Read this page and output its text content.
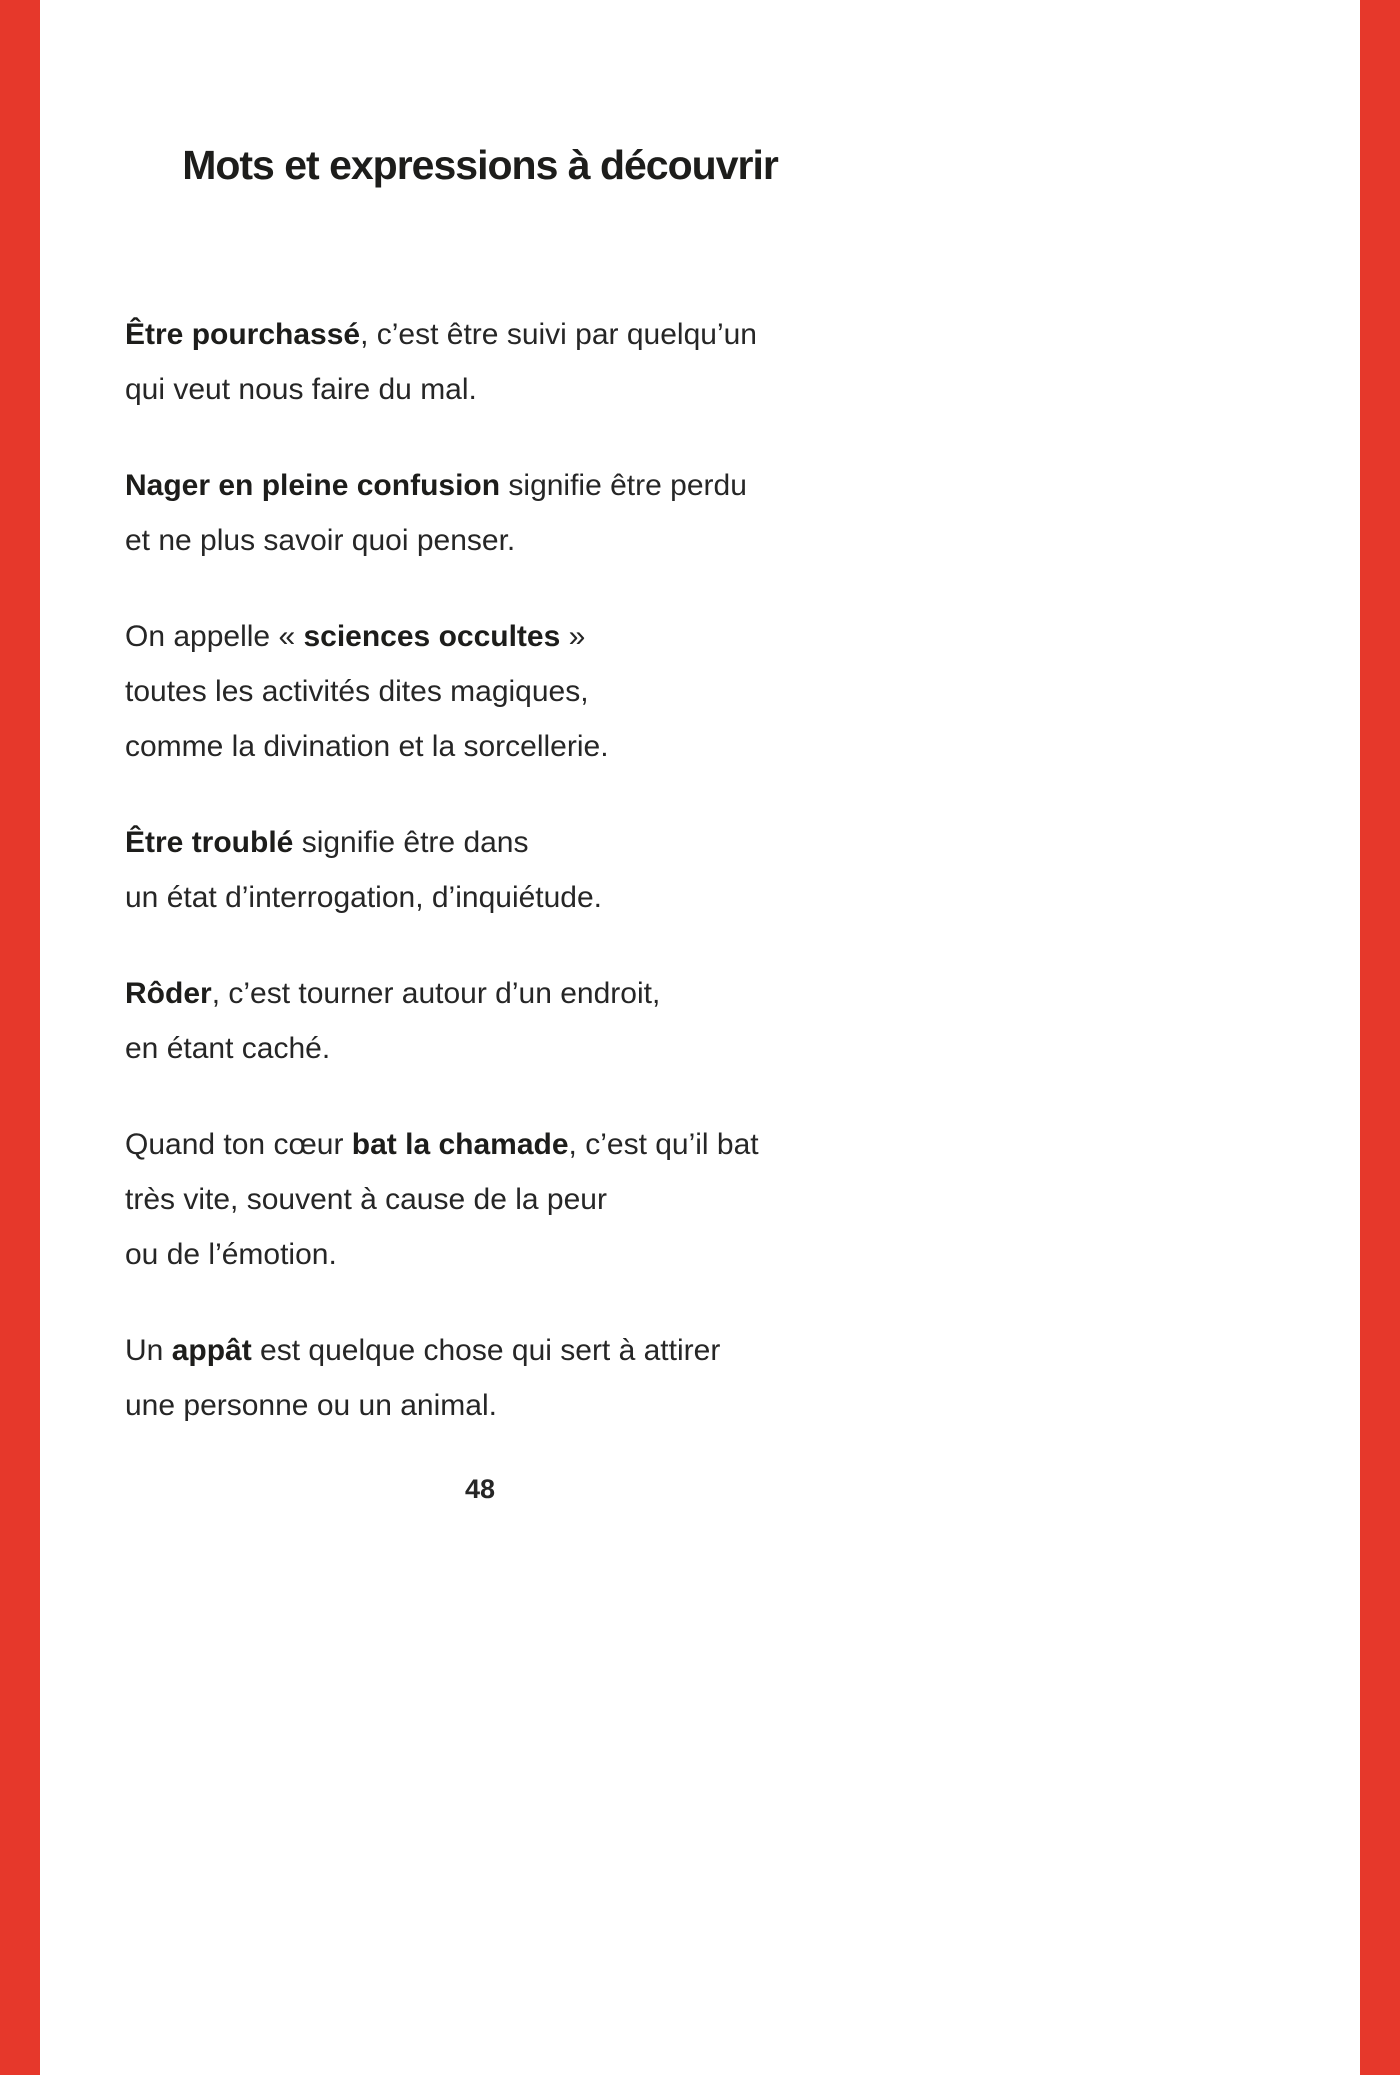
Mots et expressions à découvrir

Être pourchassé, c’est être suivi par quelqu’un
qui veut nous faire du mal.

Nager en pleine confusion signifie être perdu
et ne plus savoir quoi penser.

On appelle « sciences occultes »
toutes les activités dites magiques,
comme la divination et la sorcellerie.

Être troublé signifie être dans
un état d’interrogation, d’inquiétude.

Rôder, c’est tourner autour d’un endroit,
en étant caché.

Quand ton cœur bat la chamade, c’est qu’il bat
très vite, souvent à cause de la peur
ou de l’émotion.

Un appât est quelque chose qui sert à attirer
une personne ou un animal.

48
